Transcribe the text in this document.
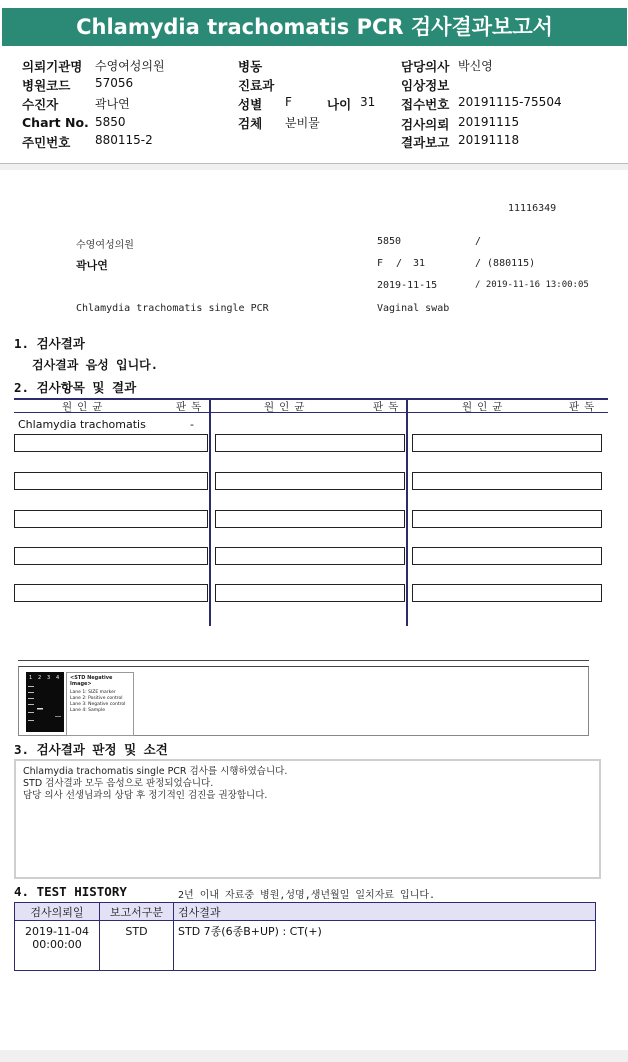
Chlamydia trachomatis PCR 검사결과보고서
의뢰기관명 수영여성의원
병원코드 57056
수진자	곽나연
Chart No. 5850
주민번호 880115-2
병동
진료과
성별 F	나이 31
검체 분비물
담당의사 박신영
임상정보
접수번호 20191115-75504
검사의뢰 20191115
결과보고 20191118
11116349
수영여성의원	5850	/
곽나연	F / 31	/ (880115)
2019-11-15	/ 2019-11-16 13:00:05
Chlamydia trachomatis single PCR	Vaginal swab
1. 검사결과
검사결과 음성 입니다.
2. 검사항목 및 결과
원인균	판독	원인균	판독	원인균	판독
Chlamydia trachomatis	-
1 2 3 4 <STD Negative Image>
Lane 1: SIZE marker
Lane 2: Positive control
Lane 3: Negative control
Lane 4: Sample
3. 검사결과 판정 및 소견
Chlamydia trachomatis single PCR 검사를 시행하였습니다.
STD 검사결과 모두 음성으로 판정되었습니다.
담당 의사 선생님과의 상담 후 정기적인 검진을 권장합니다.
4. TEST HISTORY	2년 이내 자료중 병원,성명,생년월일 일치자료 입니다.
검사의뢰일	보고서구분	검사결과

2019-11-04
00:00:00	STD	STD 7종(6종B+UP) : CT(+)
